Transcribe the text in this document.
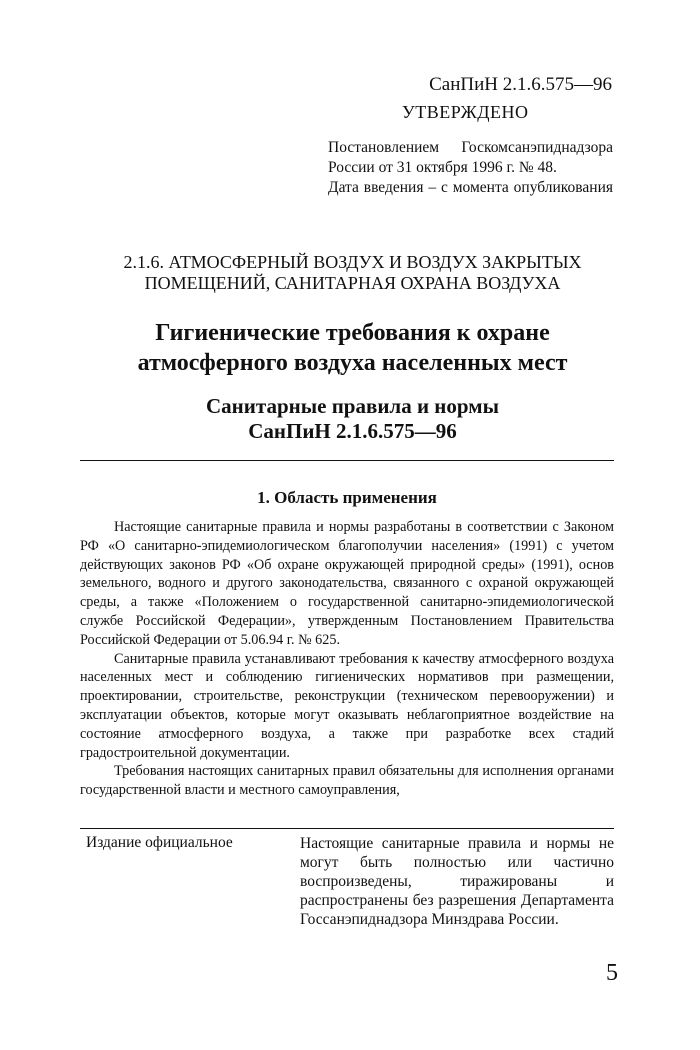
СанПиН 2.1.6.575—96
УТВЕРЖДЕНО

Постановлением Госкомсанэпиднадзора России от 31 октября 1996 г. № 48.

Дата введения – с момента опубликования

2.1.6. АТМОСФЕРНЫЙ ВОЗДУХ И ВОЗДУХ ЗАКРЫТЫХ ПОМЕЩЕНИЙ, САНИТАРНАЯ ОХРАНА ВОЗДУХА
Гигиенические требования к охране атмосферного воздуха населенных мест
Санитарные правила и нормы
СанПиН 2.1.6.575—96
1. Область применения

Настоящие санитарные правила и нормы разработаны в соответствии с Законом РФ «О санитарно-эпидемиологическом благополучии населения» (1991) с учетом действующих законов РФ «Об охране окружающей природной среды» (1991), основ земельного, водного и другого законодательства, связанного с охраной окружающей среды, а также «Положением о государственной санитарно-эпидемиологической службе Российской Федерации», утвержденным Постановлением Правительства Российской Федерации от 5.06.94 г. № 625.

Санитарные правила устанавливают требования к качеству атмосферного воздуха населенных мест и соблюдению гигиенических нормативов при размещении, проектировании, строительстве, реконструкции (техническом перевооружении) и эксплуатации объектов, которые могут оказывать неблагоприятное воздействие на состояние атмосферного воздуха, а также при разработке всех стадий градостроительной документации.

Требования настоящих санитарных правил обязательны для исполнения органами государственной власти и местного самоуправления,

Издание официальное	Настоящие санитарные правила и нормы не могут быть полностью или частично воспроизведены, тиражированы и распространены без разрешения Департамента Госсанэпиднадзора Минздрава России.
5
